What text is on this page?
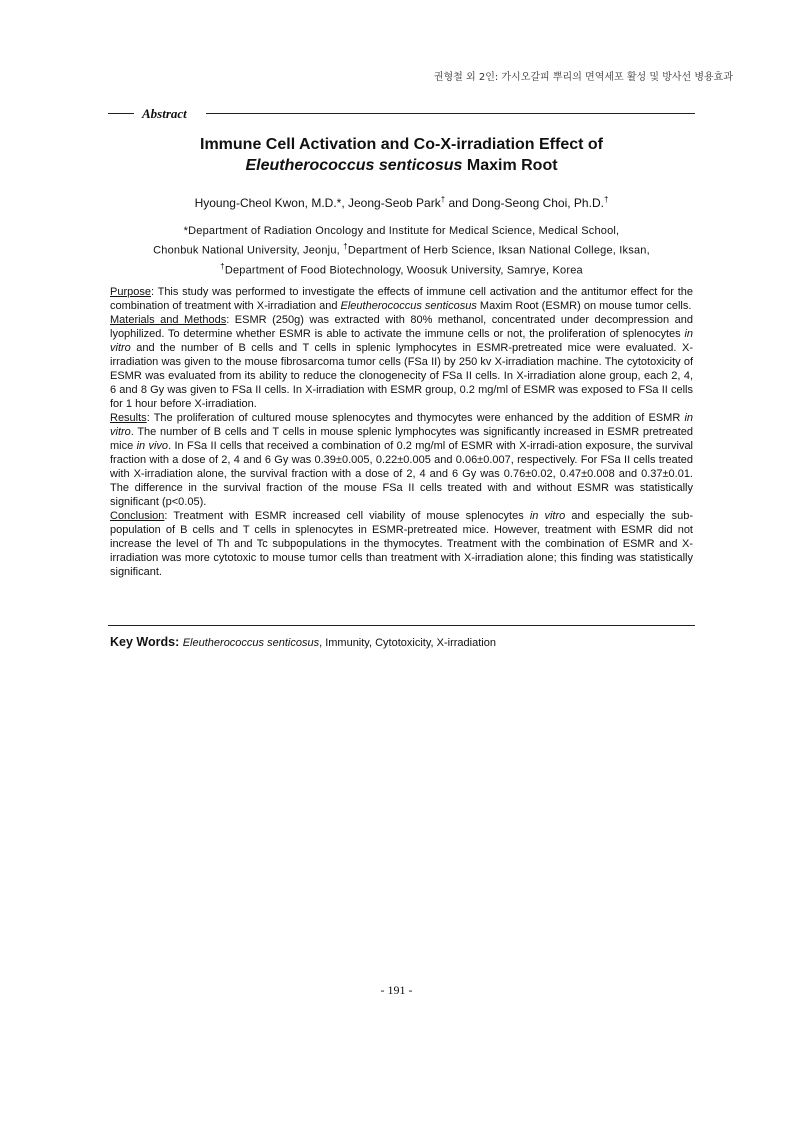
권형철 외 2인: 가시오갈피 뿌리의 면역세포 활성 및 방사선 병용효과
Abstract
Immune Cell Activation and Co-X-irradiation Effect of
Eleutherococcus senticosus Maxim Root
Hyoung-Cheol Kwon, M.D.*, Jeong-Seob Park† and Dong-Seong Choi, Ph.D.†
*Department of Radiation Oncology and Institute for Medical Science, Medical School,
Chonbuk National University, Jeonju, †Department of Herb Science, Iksan National College, Iksan,
†Department of Food Biotechnology, Woosuk University, Samrye, Korea

Purpose: This study was performed to investigate the effects of immune cell activation and the antitumor effect for the combination of treatment with X-irradiation and Eleutherococcus senticosus Maxim Root (ESMR) on mouse tumor cells.

Materials and Methods: ESMR (250g) was extracted with 80% methanol, concentrated under decompression and lyophilized. To determine whether ESMR is able to activate the immune cells or not, the proliferation of splenocytes in vitro and the number of B cells and T cells in splenic lymphocytes in ESMR-pretreated mice were evaluated. X-irradiation was given to the mouse fibrosarcoma tumor cells (FSa II) by 250 kv X-irradiation machine. The cytotoxicity of ESMR was evaluated from its ability to reduce the clonogenecity of FSa II cells. In X-irradiation alone group, each 2, 4, 6 and 8 Gy was given to FSa II cells. In X-irradiation with ESMR group, 0.2 mg/ml of ESMR was exposed to FSa II cells for 1 hour before X-irradiation.

Results: The proliferation of cultured mouse splenocytes and thymocytes were enhanced by the addition of ESMR in vitro. The number of B cells and T cells in mouse splenic lymphocytes was significantly increased in ESMR pretreated mice in vivo. In FSa II cells that received a combination of 0.2 mg/ml of ESMR with X-irradi-ation exposure, the survival fraction with a dose of 2, 4 and 6 Gy was 0.39±0.005, 0.22±0.005 and 0.06±0.007, respectively. For FSa II cells treated with X-irradiation alone, the survival fraction with a dose of 2, 4 and 6 Gy was 0.76±0.02, 0.47±0.008 and 0.37±0.01. The difference in the survival fraction of the mouse FSa II cells treated with and without ESMR was statistically significant (p<0.05).

Conclusion: Treatment with ESMR increased cell viability of mouse splenocytes in vitro and especially the sub-population of B cells and T cells in splenocytes in ESMR-pretreated mice. However, treatment with ESMR did not increase the level of Th and Tc subpopulations in the thymocytes. Treatment with the combination of ESMR and X-irradiation was more cytotoxic to mouse tumor cells than treatment with X-irradiation alone; this finding was statistically significant.

Key Words: Eleutherococcus senticosus, Immunity, Cytotoxicity, X-irradiation
- 191 -
